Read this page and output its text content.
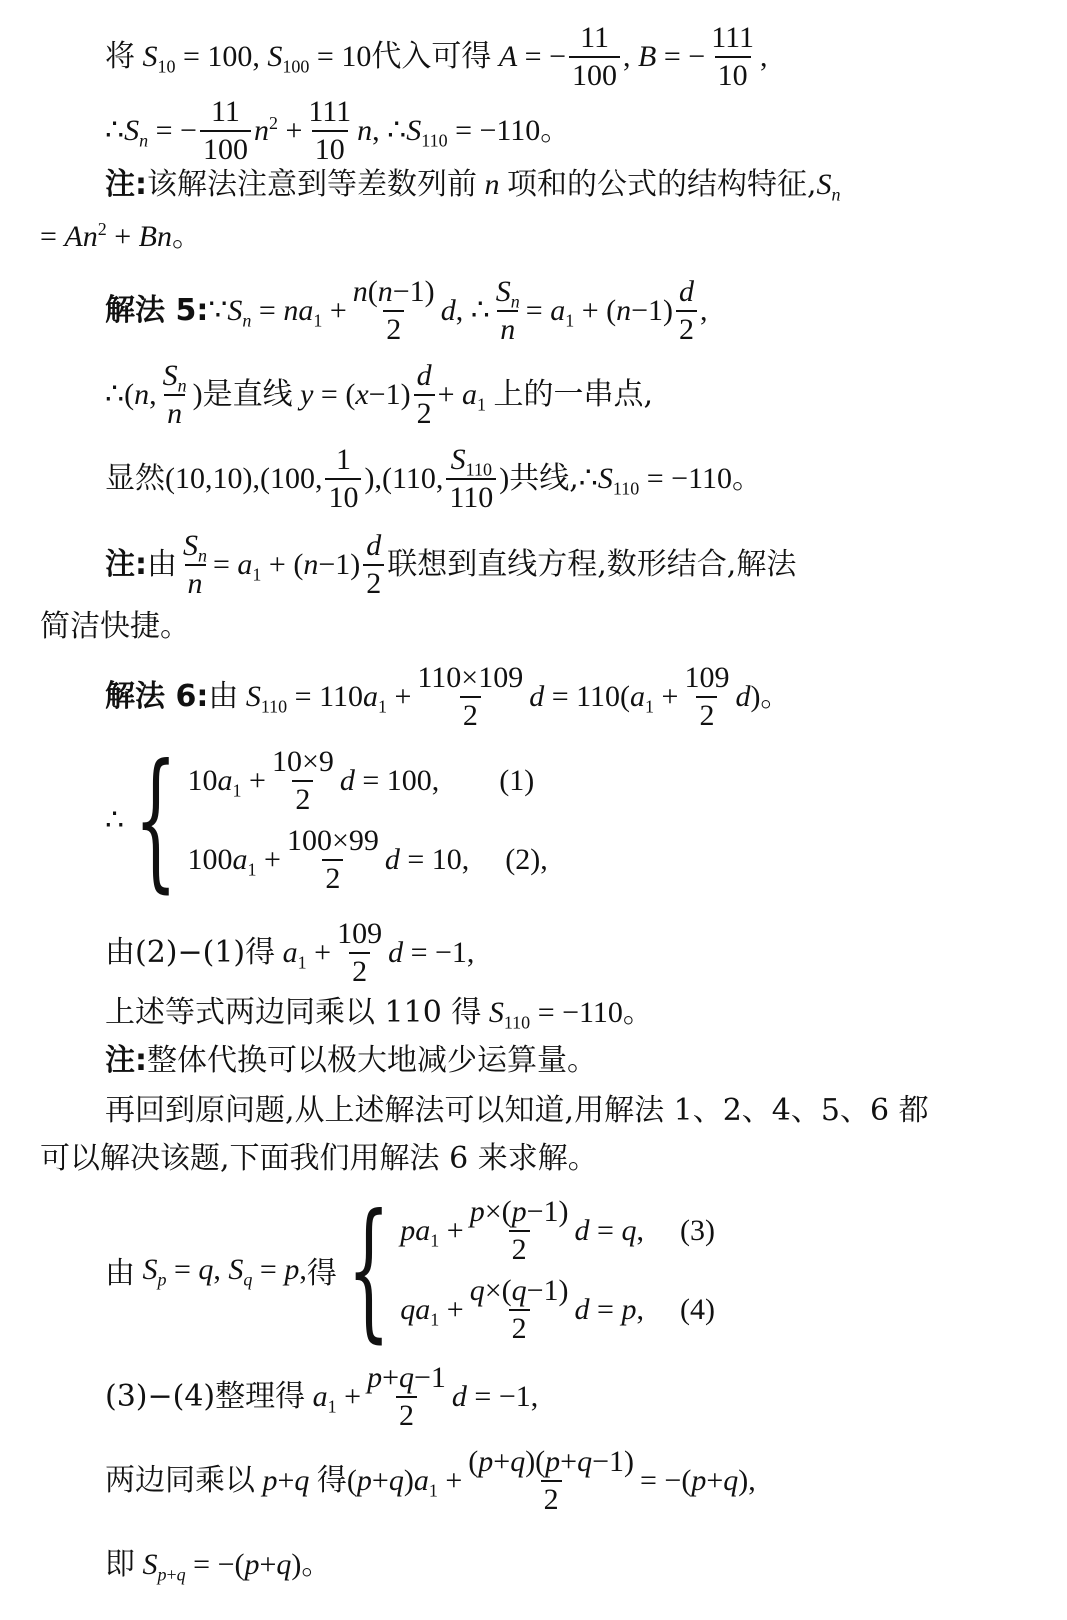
将 $S_{10} = 100$, $S_{100} = 10$ 代入可得 A = − $\frac{11}{100}$ , B = − $\frac{111}{10}$ ,
$\therefore S_n$ = − $\frac{11}{100} n^2 + \frac{111}{10} n$, $\therefore S_{110} = -110$。
注: 该解法注意到等差数列前 n 项和的公式的结构特征, $S_n$
= $An^2 + Bn$。
解法 5: $\because S_n = na_1 + \frac{n(n-1)}{2} d$, ∴ $\frac{S_n}{n} = a_1 + (n-1) \frac{d}{2}$ ,
∴(n, $\frac{S_n}{n}$ ) 是直线 $y = (x-1) \frac{d}{2} + a_1$ 上的一串点,
显然 (10,10),(100, $\frac{1}{10} ),(110$, $\frac{S_{110}}{110}$ ) 共线, $\therefore S_{110} = -110$。
注: 由 $\frac{S_n}{n} = a_1 + (n-1) \frac{d}{2}$ 联想到直线方程,数形结合,解法
简洁快捷。
解法 6: 由 $S_{110} = 110a_1 + \frac{110\times 109}{2}$ $d = 110(a_1 + \frac{109}{2} d)$。
∴ { $10a_1 + \frac{10\times 9}{2}$ d = 100, (1)
$100a_1 + \frac{100\times 99}{2}$ d = 10, (2) ,
由(2)−(1)得 $a_1 + \frac{109}{2}$ d = −1,
上述等式两边同乘以 110 得 $S_{110} = -110$。
注: 整体代换可以极大地减少运算量。
再回到原问题,从上述解法可以知道,用解法 1、2、4、5、6 都
可以解决该题,下面我们用解法 6 来求解。
由 $S_p = q$, $S_q = p$, 得 { $pa_1 + \frac{p\times(p-1)}{2}$ d = q, (3)
$qa_1 + \frac{q\times(q-1)}{2}$ d = p, (4)
(3)−(4)整理得 $a_1 + \frac{p+q-1}{2}$ d = −1,
两边同乘以 p+q 得 $(p+q)a_1 + \frac{(p+q)(p+q-1)}{2} = -(p+q)$,
即 $S_{p+q} = -(p+q)$。
